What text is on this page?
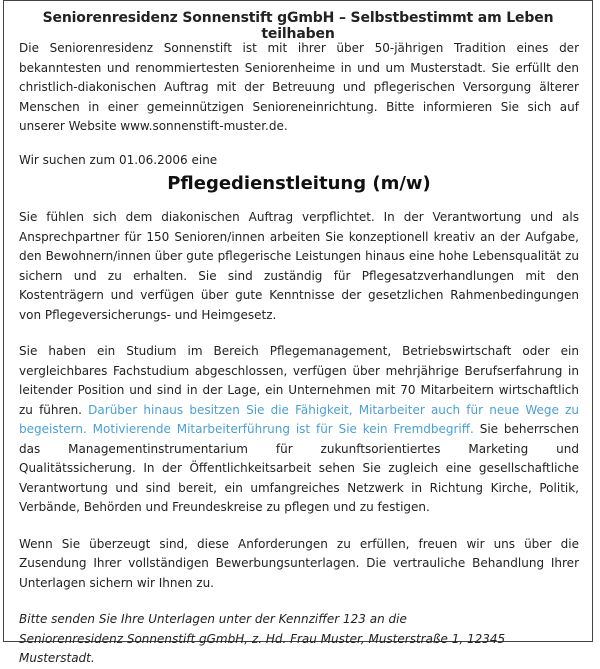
Seniorenresidenz Sonnenstift gGmbH – Selbstbestimmt am Leben teilhaben

Die Seniorenresidenz Sonnenstift ist mit ihrer über 50-jährigen Tradition eines der bekanntesten und renommiertesten Seniorenheime in und um Musterstadt. Sie erfüllt den christlich-diakonischen Auftrag mit der Betreuung und pflegerischen Versorgung älterer Menschen in einer gemeinnützigen Senioreneinrichtung. Bitte informieren Sie sich auf unserer Website www.sonnenstift-muster.de.

Wir suchen zum 01.06.2006 eine

Pflegedienstleitung (m/w)

Sie fühlen sich dem diakonischen Auftrag verpflichtet. In der Verantwortung und als Ansprechpartner für 150 Senioren/innen arbeiten Sie konzeptionell kreativ an der Aufgabe, den Bewohnern/innen über gute pflegerische Leistungen hinaus eine hohe Lebensqualität zu sichern und zu erhalten. Sie sind zuständig für Pflegesatzverhandlungen mit den Kostenträgern und verfügen über gute Kenntnisse der gesetzlichen Rahmenbedingungen von Pflegeversicherungs- und Heimgesetz.

Sie haben ein Studium im Bereich Pflegemanagement, Betriebswirtschaft oder ein vergleichbares Fachstudium abgeschlossen, verfügen über mehrjährige Berufserfahrung in leitender Position und sind in der Lage, ein Unternehmen mit 70 Mitarbeitern wirtschaftlich zu führen. Darüber hinaus besitzen Sie die Fähigkeit, Mitarbeiter auch für neue Wege zu begeistern. Motivierende Mitarbeiterführung ist für Sie kein Fremdbegriff. Sie beherrschen das Managementinstrumentarium für zukunftsorientiertes Marketing und Qualitätssicherung. In der Öffentlichkeitsarbeit sehen Sie zugleich eine gesellschaftliche Verantwortung und sind bereit, ein umfangreiches Netzwerk in Richtung Kirche, Politik, Verbände, Behörden und Freundeskreise zu pflegen und zu festigen.

Wenn Sie überzeugt sind, diese Anforderungen zu erfüllen, freuen wir uns über die Zusendung Ihrer vollständigen Bewerbungsunterlagen. Die vertrauliche Behandlung Ihrer Unterlagen sichern wir Ihnen zu.

Bitte senden Sie Ihre Unterlagen unter der Kennziffer 123 an die
Seniorenresidenz Sonnenstift gGmbH, z. Hd. Frau Muster, Musterstraße 1, 12345 Musterstadt.
